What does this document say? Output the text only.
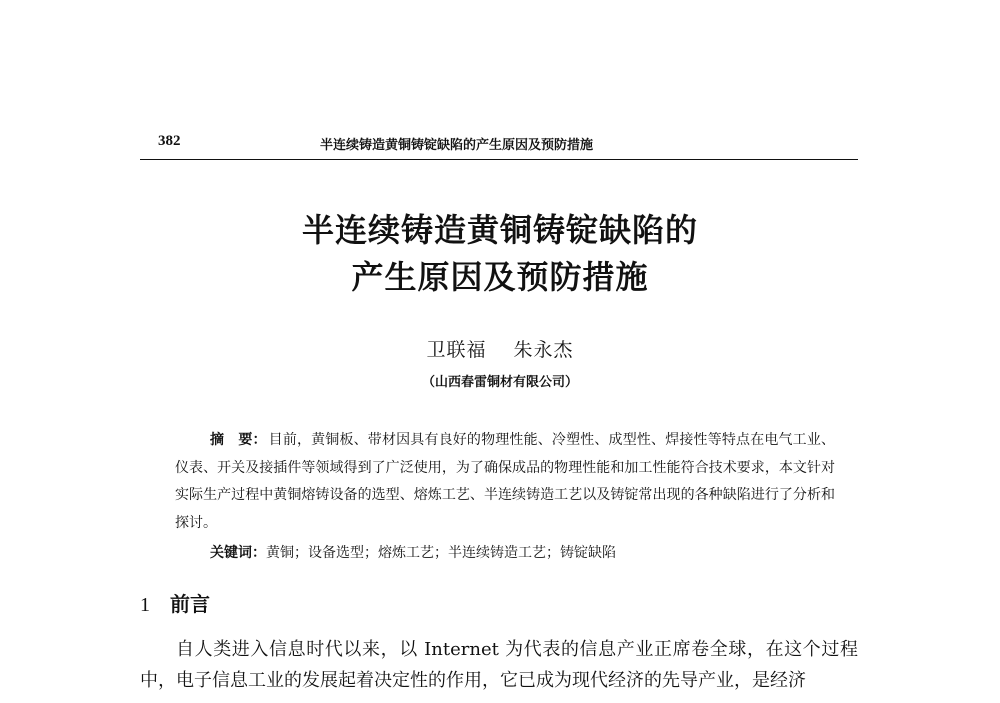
382	半连续铸造黄铜铸锭缺陷的产生原因及预防措施
半连续铸造黄铜铸锭缺陷的
产生原因及预防措施
卫联福 朱永杰
（山西春雷铜材有限公司）
摘　要： 目前，黄铜板、带材因具有良好的物理性能、冷塑性、成型性、焊接性等特点在电气工业、仪表、开关及接插件等领域得到了广泛使用，为了确保成品的物理性能和加工性能符合技术要求，本文针对实际生产过程中黄铜熔铸设备的选型、熔炼工艺、半连续铸造工艺以及铸锭常出现的各种缺陷进行了分析和探讨。
关键词：黄铜；设备选型；熔炼工艺；半连续铸造工艺；铸锭缺陷
1 前言
自人类进入信息时代以来，以 Internet 为代表的信息产业正席卷全球，在这个过程中，电子信息工业的发展起着决定性的作用，它已成为现代经济的先导产业，是经济
